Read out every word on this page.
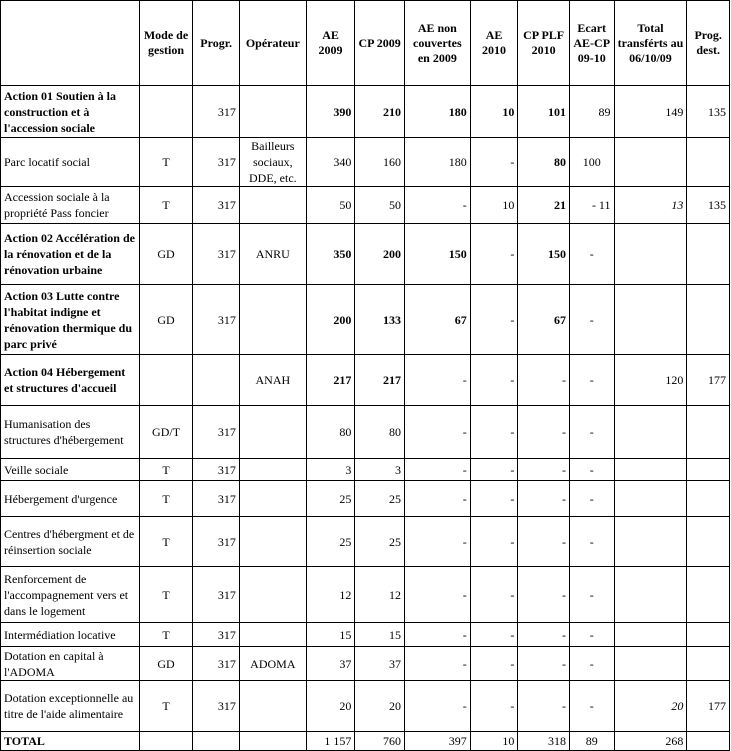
	Mode de gestion	Progr.	Opérateur	AE 2009	CP 2009	AE non couvertes en 2009	AE 2010	CP PLF 2010	Ecart AE-CP 09-10	Total transférts au 06/10/09	Prog. dest.
Action 01 Soutien à la construction et à l'accession sociale		317		390	210	180	10	101	89	149	135
Parc locatif social	T	317	Bailleurs sociaux, DDE, etc.	340	160	180	-	80	100		
Accession sociale à la propriété Pass foncier	T	317		50	50	-	10	21	- 11	13	135
Action 02 Accélération de la rénovation et de la rénovation urbaine	GD	317	ANRU	350	200	150	-	150	-		
Action 03 Lutte contre l'habitat indigne et rénovation thermique du parc privé	GD	317		200	133	67	-	67	-		
Action 04 Hébergement et structures d'accueil			ANAH	217	217	-	-	-	-	120	177
Humanisation des structures d'hébergement	GD/T	317		80	80	-	-	-	-		
Veille sociale	T	317		3	3	-	-	-	-		
Hébergement d'urgence	T	317		25	25	-	-	-	-		
Centres d'hébergment et de réinsertion sociale	T	317		25	25	-	-	-	-		
Renforcement de l'accompagnement vers et dans le logement	T	317		12	12	-	-	-	-		
Intermédiation locative	T	317		15	15	-	-	-	-		
Dotation en capital à l'ADOMA	GD	317	ADOMA	37	37	-	-	-	-		
Dotation exceptionnelle au titre de l'aide alimentaire	T	317		20	20	-	-	-	-	20	177
TOTAL				1 157	760	397	10	318	89	268	
